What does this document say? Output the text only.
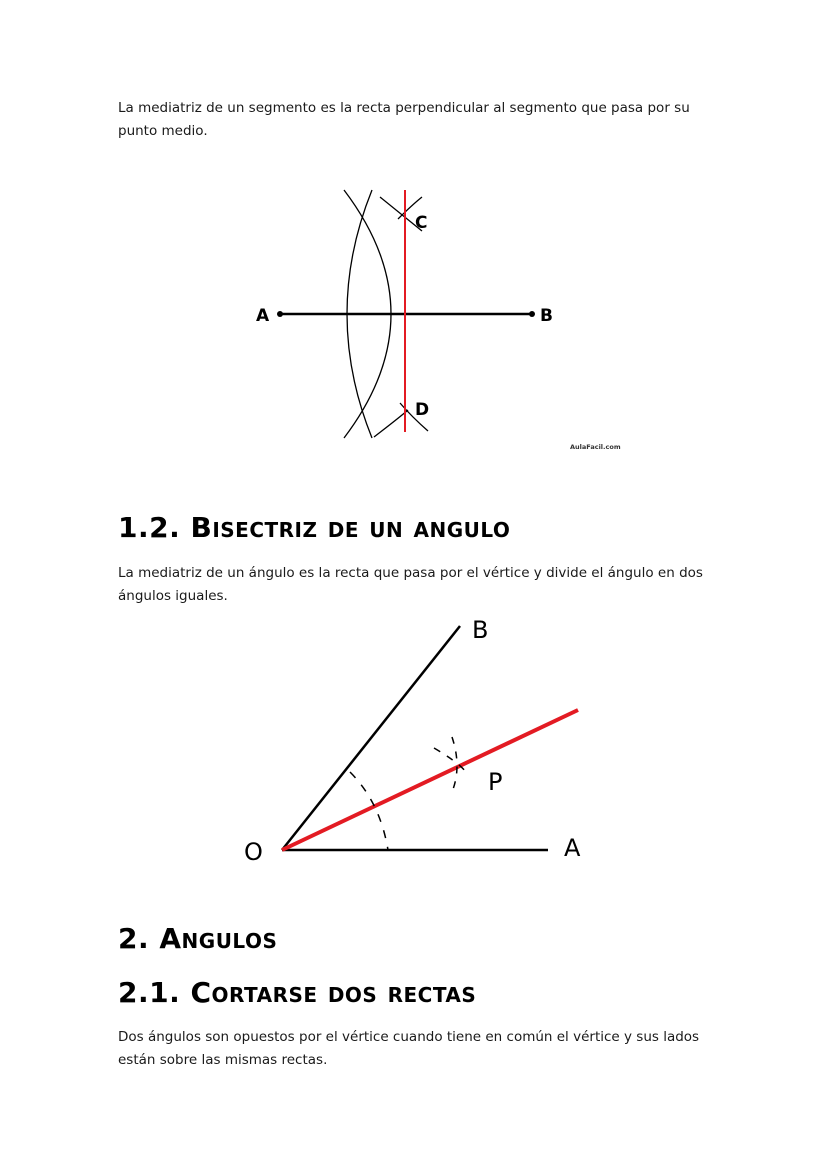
La mediatriz de un segmento es la recta perpendicular al segmento que pasa por su punto medio.

A	B
C
D
AulaFacil.com
1.2. Bisectriz de un angulo

La mediatriz de un ángulo es la recta que pasa por el vértice y divide el ángulo en dos ángulos iguales.

O	A
B
P
2. Angulos
2.1. Cortarse dos rectas

Dos ángulos son opuestos por el vértice cuando tiene en común el vértice y sus lados están sobre las mismas rectas.
